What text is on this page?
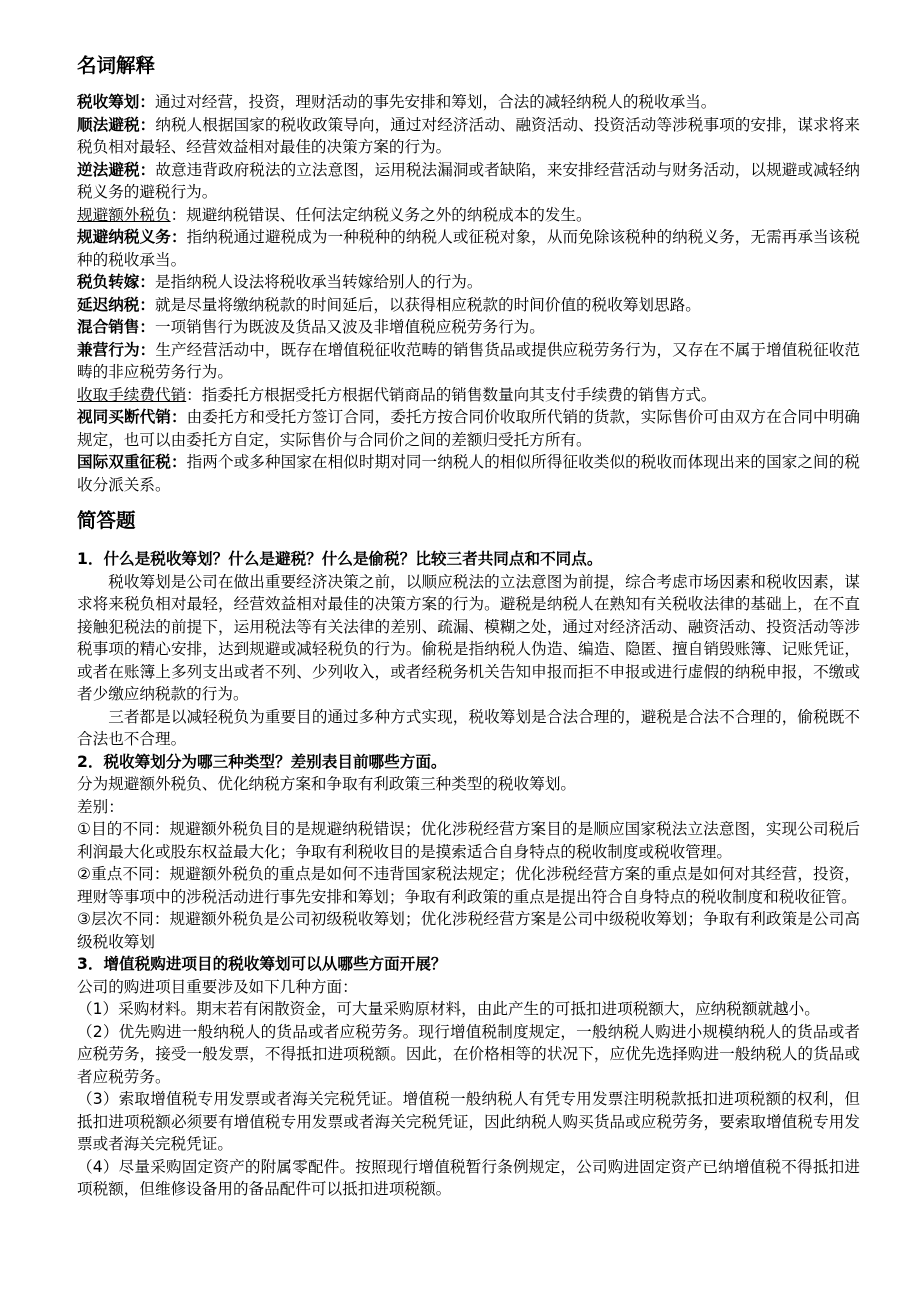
名词解释

税收筹划：通过对经营，投资，理财活动的事先安排和筹划，合法的减轻纳税人的税收承当。

顺法避税：纳税人根据国家的税收政策导向，通过对经济活动、融资活动、投资活动等涉税事项的安排，谋求将来税负相对最轻、经营效益相对最佳的决策方案的行为。

逆法避税：故意违背政府税法的立法意图，运用税法漏洞或者缺陷，来安排经营活动与财务活动，以规避或减轻纳税义务的避税行为。

规避额外税负：规避纳税错误、任何法定纳税义务之外的纳税成本的发生。

规避纳税义务：指纳税通过避税成为一种税种的纳税人或征税对象，从而免除该税种的纳税义务，无需再承当该税种的税收承当。

税负转嫁：是指纳税人设法将税收承当转嫁给别人的行为。

延迟纳税：就是尽量将缴纳税款的时间延后，以获得相应税款的时间价值的税收筹划思路。

混合销售：一项销售行为既波及货品又波及非增值税应税劳务行为。

兼营行为：生产经营活动中，既存在增值税征收范畴的销售货品或提供应税劳务行为，又存在不属于增值税征收范畴的非应税劳务行为。

收取手续费代销：指委托方根据受托方根据代销商品的销售数量向其支付手续费的销售方式。

视同买断代销：由委托方和受托方签订合同，委托方按合同价收取所代销的货款，实际售价可由双方在合同中明确规定，也可以由委托方自定，实际售价与合同价之间的差额归受托方所有。

国际双重征税：指两个或多种国家在相似时期对同一纳税人的相似所得征收类似的税收而体现出来的国家之间的税收分派关系。

简答题

1．什么是税收筹划？什么是避税？什么是偷税？比较三者共同点和不同点。

税收筹划是公司在做出重要经济决策之前，以顺应税法的立法意图为前提，综合考虑市场因素和税收因素，谋求将来税负相对最轻，经营效益相对最佳的决策方案的行为。避税是纳税人在熟知有关税收法律的基础上，在不直接触犯税法的前提下，运用税法等有关法律的差别、疏漏、模糊之处，通过对经济活动、融资活动、投资活动等涉税事项的精心安排，达到规避或减轻税负的行为。偷税是指纳税人伪造、编造、隐匿、擅自销毁账簿、记账凭证，或者在账簿上多列支出或者不列、少列收入，或者经税务机关告知申报而拒不申报或进行虚假的纳税申报，不缴或者少缴应纳税款的行为。

三者都是以减轻税负为重要目的通过多种方式实现，税收筹划是合法合理的，避税是合法不合理的，偷税既不合法也不合理。

2．税收筹划分为哪三种类型？差别表目前哪些方面。

分为规避额外税负、优化纳税方案和争取有利政策三种类型的税收筹划。

差别：

①目的不同：规避额外税负目的是规避纳税错误；优化涉税经营方案目的是顺应国家税法立法意图，实现公司税后利润最大化或股东权益最大化；争取有利税收目的是摸索适合自身特点的税收制度或税收管理。

②重点不同：规避额外税负的重点是如何不违背国家税法规定；优化涉税经营方案的重点是如何对其经营，投资，理财等事项中的涉税活动进行事先安排和筹划；争取有利政策的重点是提出符合自身特点的税收制度和税收征管。

③层次不同：规避额外税负是公司初级税收筹划；优化涉税经营方案是公司中级税收筹划；争取有利政策是公司高级税收筹划

3．增值税购进项目的税收筹划可以从哪些方面开展？

公司的购进项目重要涉及如下几种方面：

（1）采购材料。期末若有闲散资金，可大量采购原材料，由此产生的可抵扣进项税额大，应纳税额就越小。

（2）优先购进一般纳税人的货品或者应税劳务。现行增值税制度规定，一般纳税人购进小规模纳税人的货品或者应税劳务，接受一般发票，不得抵扣进项税额。因此，在价格相等的状况下，应优先选择购进一般纳税人的货品或者应税劳务。

（3）索取增值税专用发票或者海关完税凭证。增值税一般纳税人有凭专用发票注明税款抵扣进项税额的权利，但抵扣进项税额必须要有增值税专用发票或者海关完税凭证，因此纳税人购买货品或应税劳务，要索取增值税专用发票或者海关完税凭证。

（4）尽量采购固定资产的附属零配件。按照现行增值税暂行条例规定，公司购进固定资产已纳增值税不得抵扣进项税额，但维修设备用的备品配件可以抵扣进项税额。
